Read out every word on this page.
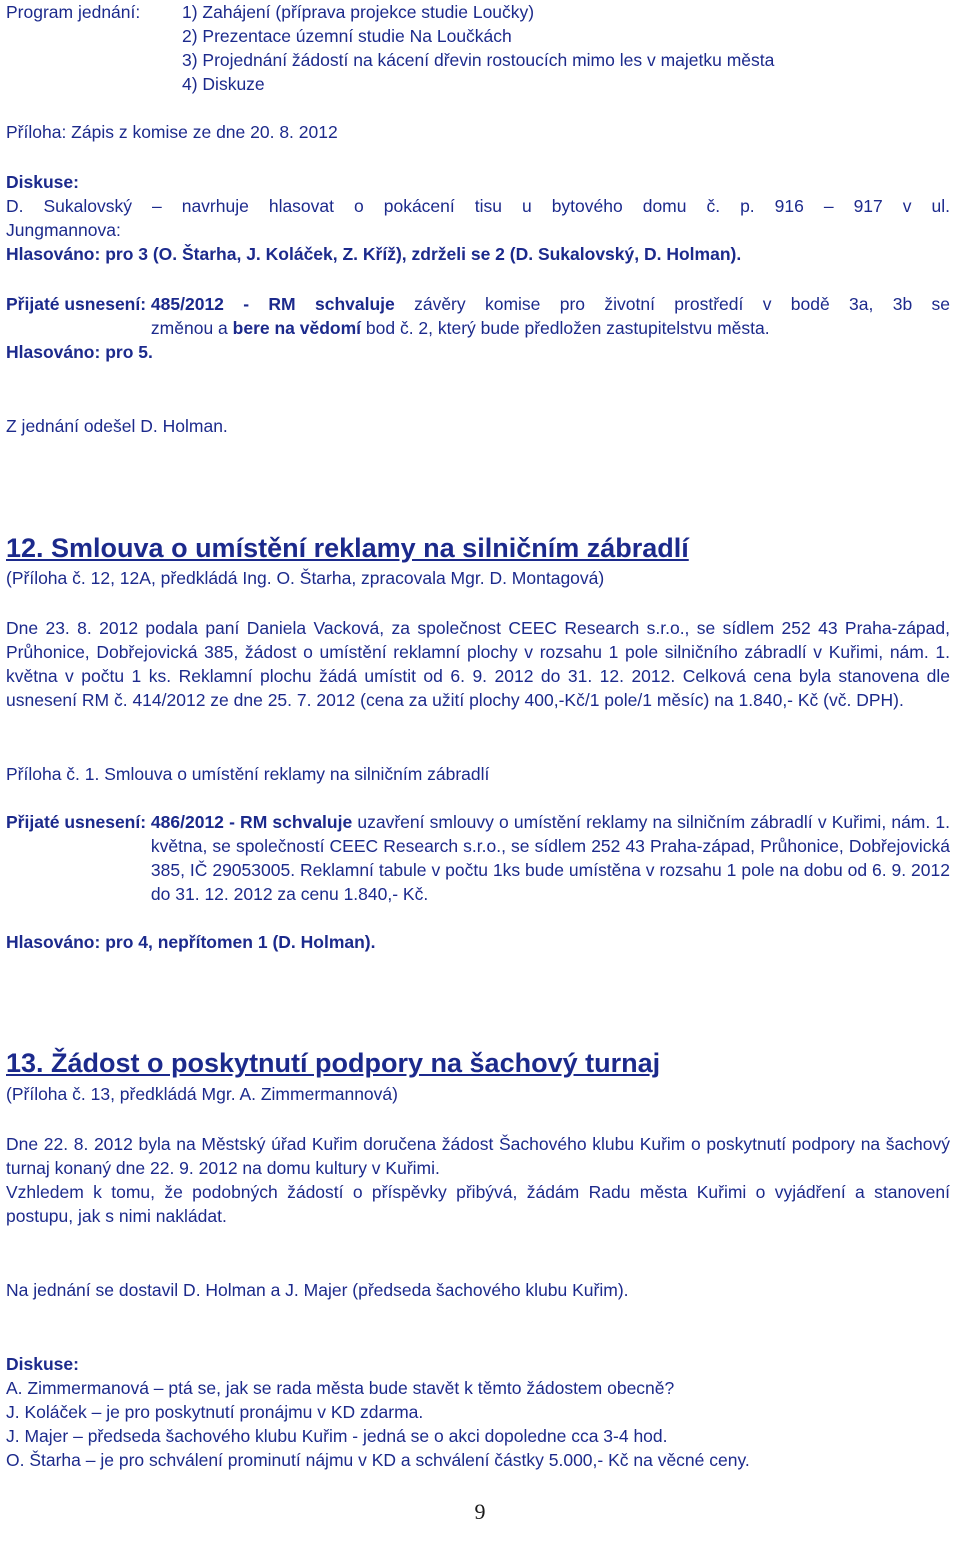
Program jednání:	1) Zahájení (příprava projekce studie Loučky)
2) Prezentace územní studie Na Loučkách
3) Projednání žádostí na kácení dřevin rostoucích mimo les v majetku města
4) Diskuze
Příloha: Zápis z komise ze dne 20. 8. 2012
Diskuse:
D. Sukalovský – navrhuje hlasovat o pokácení tisu u bytového domu č. p. 916 – 917 v ul.
Jungmannova:
Hlasováno: pro 3 (O. Štarha, J. Koláček, Z. Kříž), zdrželi se 2 (D. Sukalovský, D. Holman).
Přijaté usnesení: 485/2012 - RM schvaluje závěry komise pro životní prostředí v bodě 3a, 3b se
změnou a bere na vědomí bod č. 2, který bude předložen zastupitelstvu města.
Hlasováno: pro 5.
Z jednání odešel D. Holman.
12. Smlouva o umístění reklamy na silničním zábradlí
(Příloha č. 12, 12A, předkládá Ing. O. Štarha, zpracovala Mgr. D. Montagová)
Dne 23. 8. 2012 podala paní Daniela Vacková, za společnost CEEC Research s.r.o., se sídlem 252 43 Praha-západ, Průhonice, Dobřejovická 385, žádost o umístění reklamní plochy v rozsahu 1 pole silničního zábradlí v Kuřimi, nám. 1. května v počtu 1 ks. Reklamní plochu žádá umístit od 6. 9. 2012 do 31. 12. 2012. Celková cena byla stanovena dle usnesení RM č. 414/2012 ze dne 25. 7. 2012 (cena za užití plochy 400,-Kč/1 pole/1 měsíc) na 1.840,- Kč (vč. DPH).
Příloha č. 1. Smlouva o umístění reklamy na silničním zábradlí
Přijaté usnesení: 486/2012 - RM schvaluje uzavření smlouvy o umístění reklamy na silničním zábradlí v Kuřimi, nám. 1. května, se společností CEEC Research s.r.o., se sídlem 252 43 Praha-západ, Průhonice, Dobřejovická 385, IČ 29053005. Reklamní tabule v počtu 1ks bude umístěna v rozsahu 1 pole na dobu od 6. 9. 2012 do 31. 12. 2012 za cenu 1.840,- Kč.
Hlasováno: pro 4, nepřítomen 1 (D. Holman).
13. Žádost o poskytnutí podpory na šachový turnaj
(Příloha č. 13, předkládá Mgr. A. Zimmermannová)
Dne 22. 8. 2012 byla na Městský úřad Kuřim doručena žádost Šachového klubu Kuřim o poskytnutí podpory na šachový turnaj konaný dne 22. 9. 2012 na domu kultury v Kuřimi.
Vzhledem k tomu, že podobných žádostí o příspěvky přibývá, žádám Radu města Kuřimi o vyjádření a stanovení postupu, jak s nimi nakládat.
Na jednání se dostavil D. Holman a J. Majer (předseda šachového klubu Kuřim).
Diskuse:
A. Zimmermanová – ptá se, jak se rada města bude stavět k těmto žádostem obecně?
J. Koláček – je pro poskytnutí pronájmu v KD zdarma.
J. Majer – předseda šachového klubu Kuřim - jedná se o akci dopoledne cca 3-4 hod.
O. Štarha – je pro schválení prominutí nájmu v KD a schválení částky 5.000,- Kč na věcné ceny.
9
